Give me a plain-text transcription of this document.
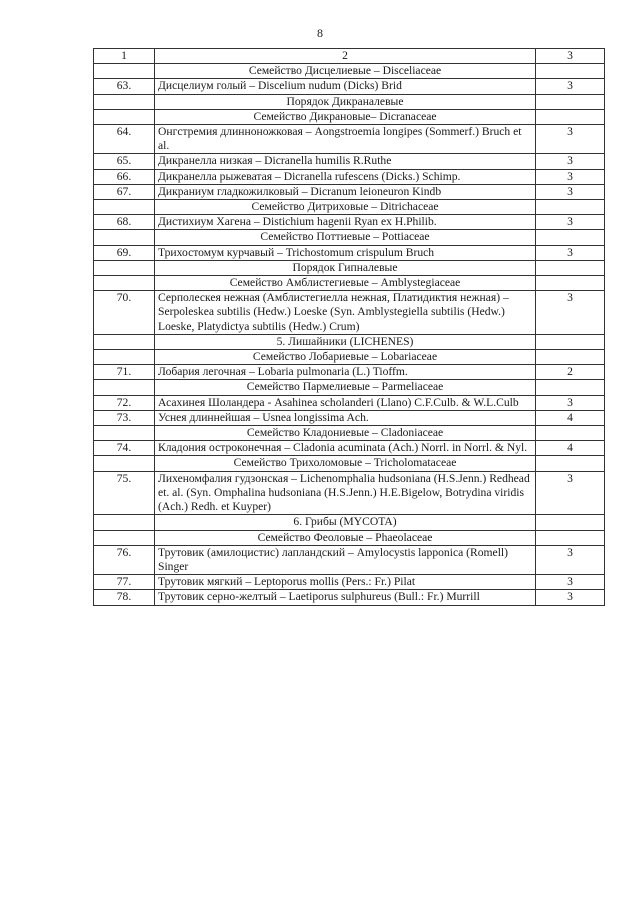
8
1	2	3
	Семейство Дисцелиевые – Disceliaceae	
63.	Дисцелиум голый – Discelium nudum (Dicks) Brid	3
	Порядок Дикраналевые	
	Семейство Дикрановые– Dicranaceae	
64.	Онгстремия длинноножковая – Aongstroemia longipes (Sommerf.) Bruch et al.	3
65.	Дикранелла низкая – Dicranella humilis R.Ruthe	3
66.	Дикранелла рыжеватая – Dicranella rufescens (Dicks.) Schimp.	3
67.	Дикраниум гладкожилковый – Dicranum leioneuron Kindb	3
	Семейство Дитриховые – Ditrichaceae	
68.	Дистихиум Хагена – Distichium hagenii Ryan ex H.Philib.	3
	Семейство Поттиевые – Pottiaceae	
69.	Трихостомум курчавый – Trichostomum crispulum Bruch	3
	Порядок Гипналевые	
	Семейство Амблистегиевые – Amblystegiaceae	
70.	Серполескея нежная (Амблистегиелла нежная, Платидиктия нежная) – Serpoleskea subtilis (Hedw.) Loeske (Syn. Amblystegiella subtilis (Hedw.) Loeske, Platydictya subtilis (Hedw.) Crum)	3
	5. Лишайники (LICHENES)	
	Семейство Лобариевые – Lobariaceae	
71.	Лобария легочная – Lobaria pulmonaria (L.) Tioffm.	2
	Семейство Пармелиевые – Parmeliaceae	
72.	Асахинея Шоландера - Asahinea scholanderi (Llano) C.F.Culb. & W.L.Culb	3
73.	Уснея длиннейшая – Usnea longissima Ach.	4
	Семейство Кладониевые – Cladoniaceae	
74.	Кладония остроконечная – Cladonia acuminata (Ach.) Norrl. in Norrl. & Nyl.	4
	Семейство Трихоломовые – Tricholomataceae	
75.	Лихеномфалия гудзонская – Lichenomphalia hudsoniana (H.S.Jenn.) Redhead et. al. (Syn. Omphalina hudsoniana (H.S.Jenn.) H.E.Bigelow, Botrydina viridis (Ach.) Redh. et Kuyper)	3
	6. Грибы (MYCOTA)	
	Семейство Феоловые – Phaeolaceae	
76.	Трутовик (амилоцистис) лапландский – Amylocystis lapponica (Romell) Singer	3
77.	Трутовик мягкий – Leptoporus mollis (Pers.: Fr.) Pilat	3
78.	Трутовик серно-желтый – Laetiporus sulphureus (Bull.: Fr.) Murrill	3
